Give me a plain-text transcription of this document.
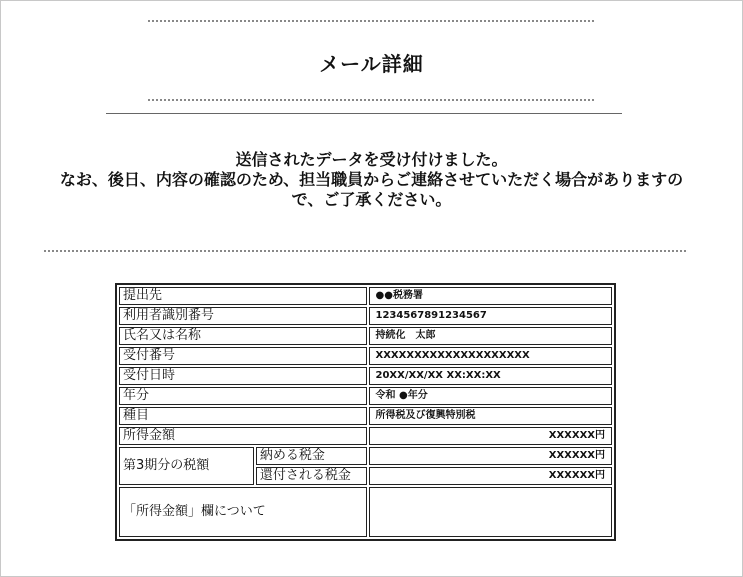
メール詳細
送信されたデータを受け付けました。
なお、後日、内容の確認のため、担当職員からご連絡させていただく場合がありますの
で、ご了承ください。
提出先		●●税務署
利用者識別番号		1234567891234567
氏名又は名称		持続化　太郎
受付番号		XXXXXXXXXXXXXXXXXXXX
受付日時		20XX/XX/XX XX:XX:XX
年分		令和 ●年分
種目		所得税及び復興特別税
所得金額		XXXXXX円
第3期分の税額	納める税金	XXXXXX円
	還付される税金	XXXXXX円
「所得金額」欄について		
